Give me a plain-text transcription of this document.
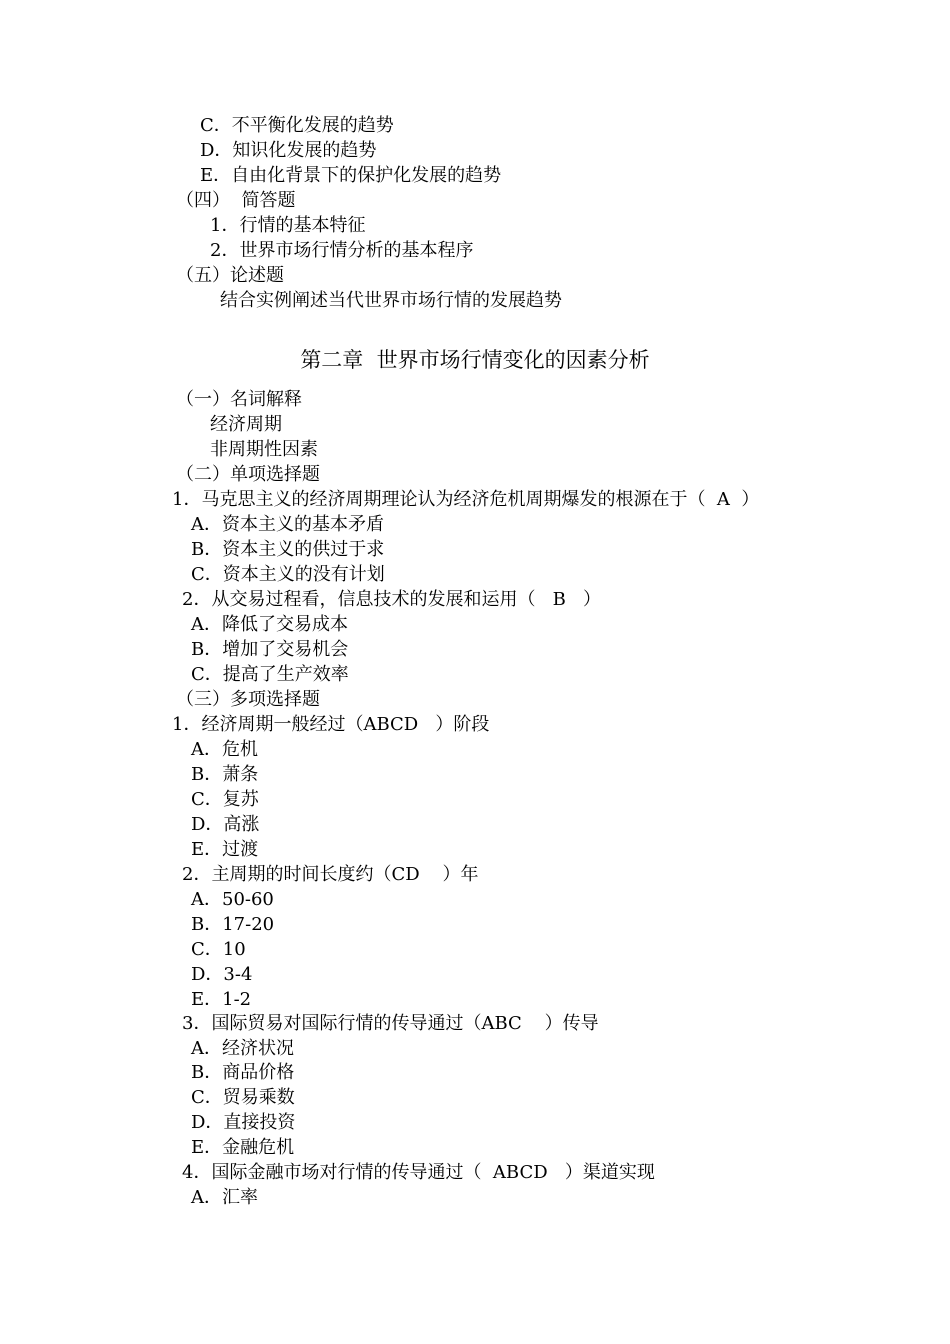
C．不平衡化发展的趋势
D．知识化发展的趋势
E．自由化背景下的保护化发展的趋势
（四）  简答题
1．行情的基本特征
2．世界市场行情分析的基本程序
（五）论述题
结合实例阐述当代世界市场行情的发展趋势
第二章  世界市场行情变化的因素分析
（一）名词解释
经济周期
非周期性因素
（二）单项选择题
1．马克思主义的经济周期理论认为经济危机周期爆发的根源在于（  A  ）
A．资本主义的基本矛盾
B．资本主义的供过于求
C．资本主义的没有计划
2．从交易过程看，信息技术的发展和运用（   B   ）
A．降低了交易成本
B．增加了交易机会
C．提高了生产效率
（三）多项选择题
1．经济周期一般经过（ABCD   ）阶段
A．危机
B．萧条
C．复苏
D．高涨
E．过渡
2．主周期的时间长度约（CD    ）年
A．50-60
B．17-20
C．10
D．3-4
E．1-2
3．国际贸易对国际行情的传导通过（ABC    ）传导
A．经济状况
B．商品价格
C．贸易乘数
D．直接投资
E．金融危机
4．国际金融市场对行情的传导通过（  ABCD   ）渠道实现
A．汇率
